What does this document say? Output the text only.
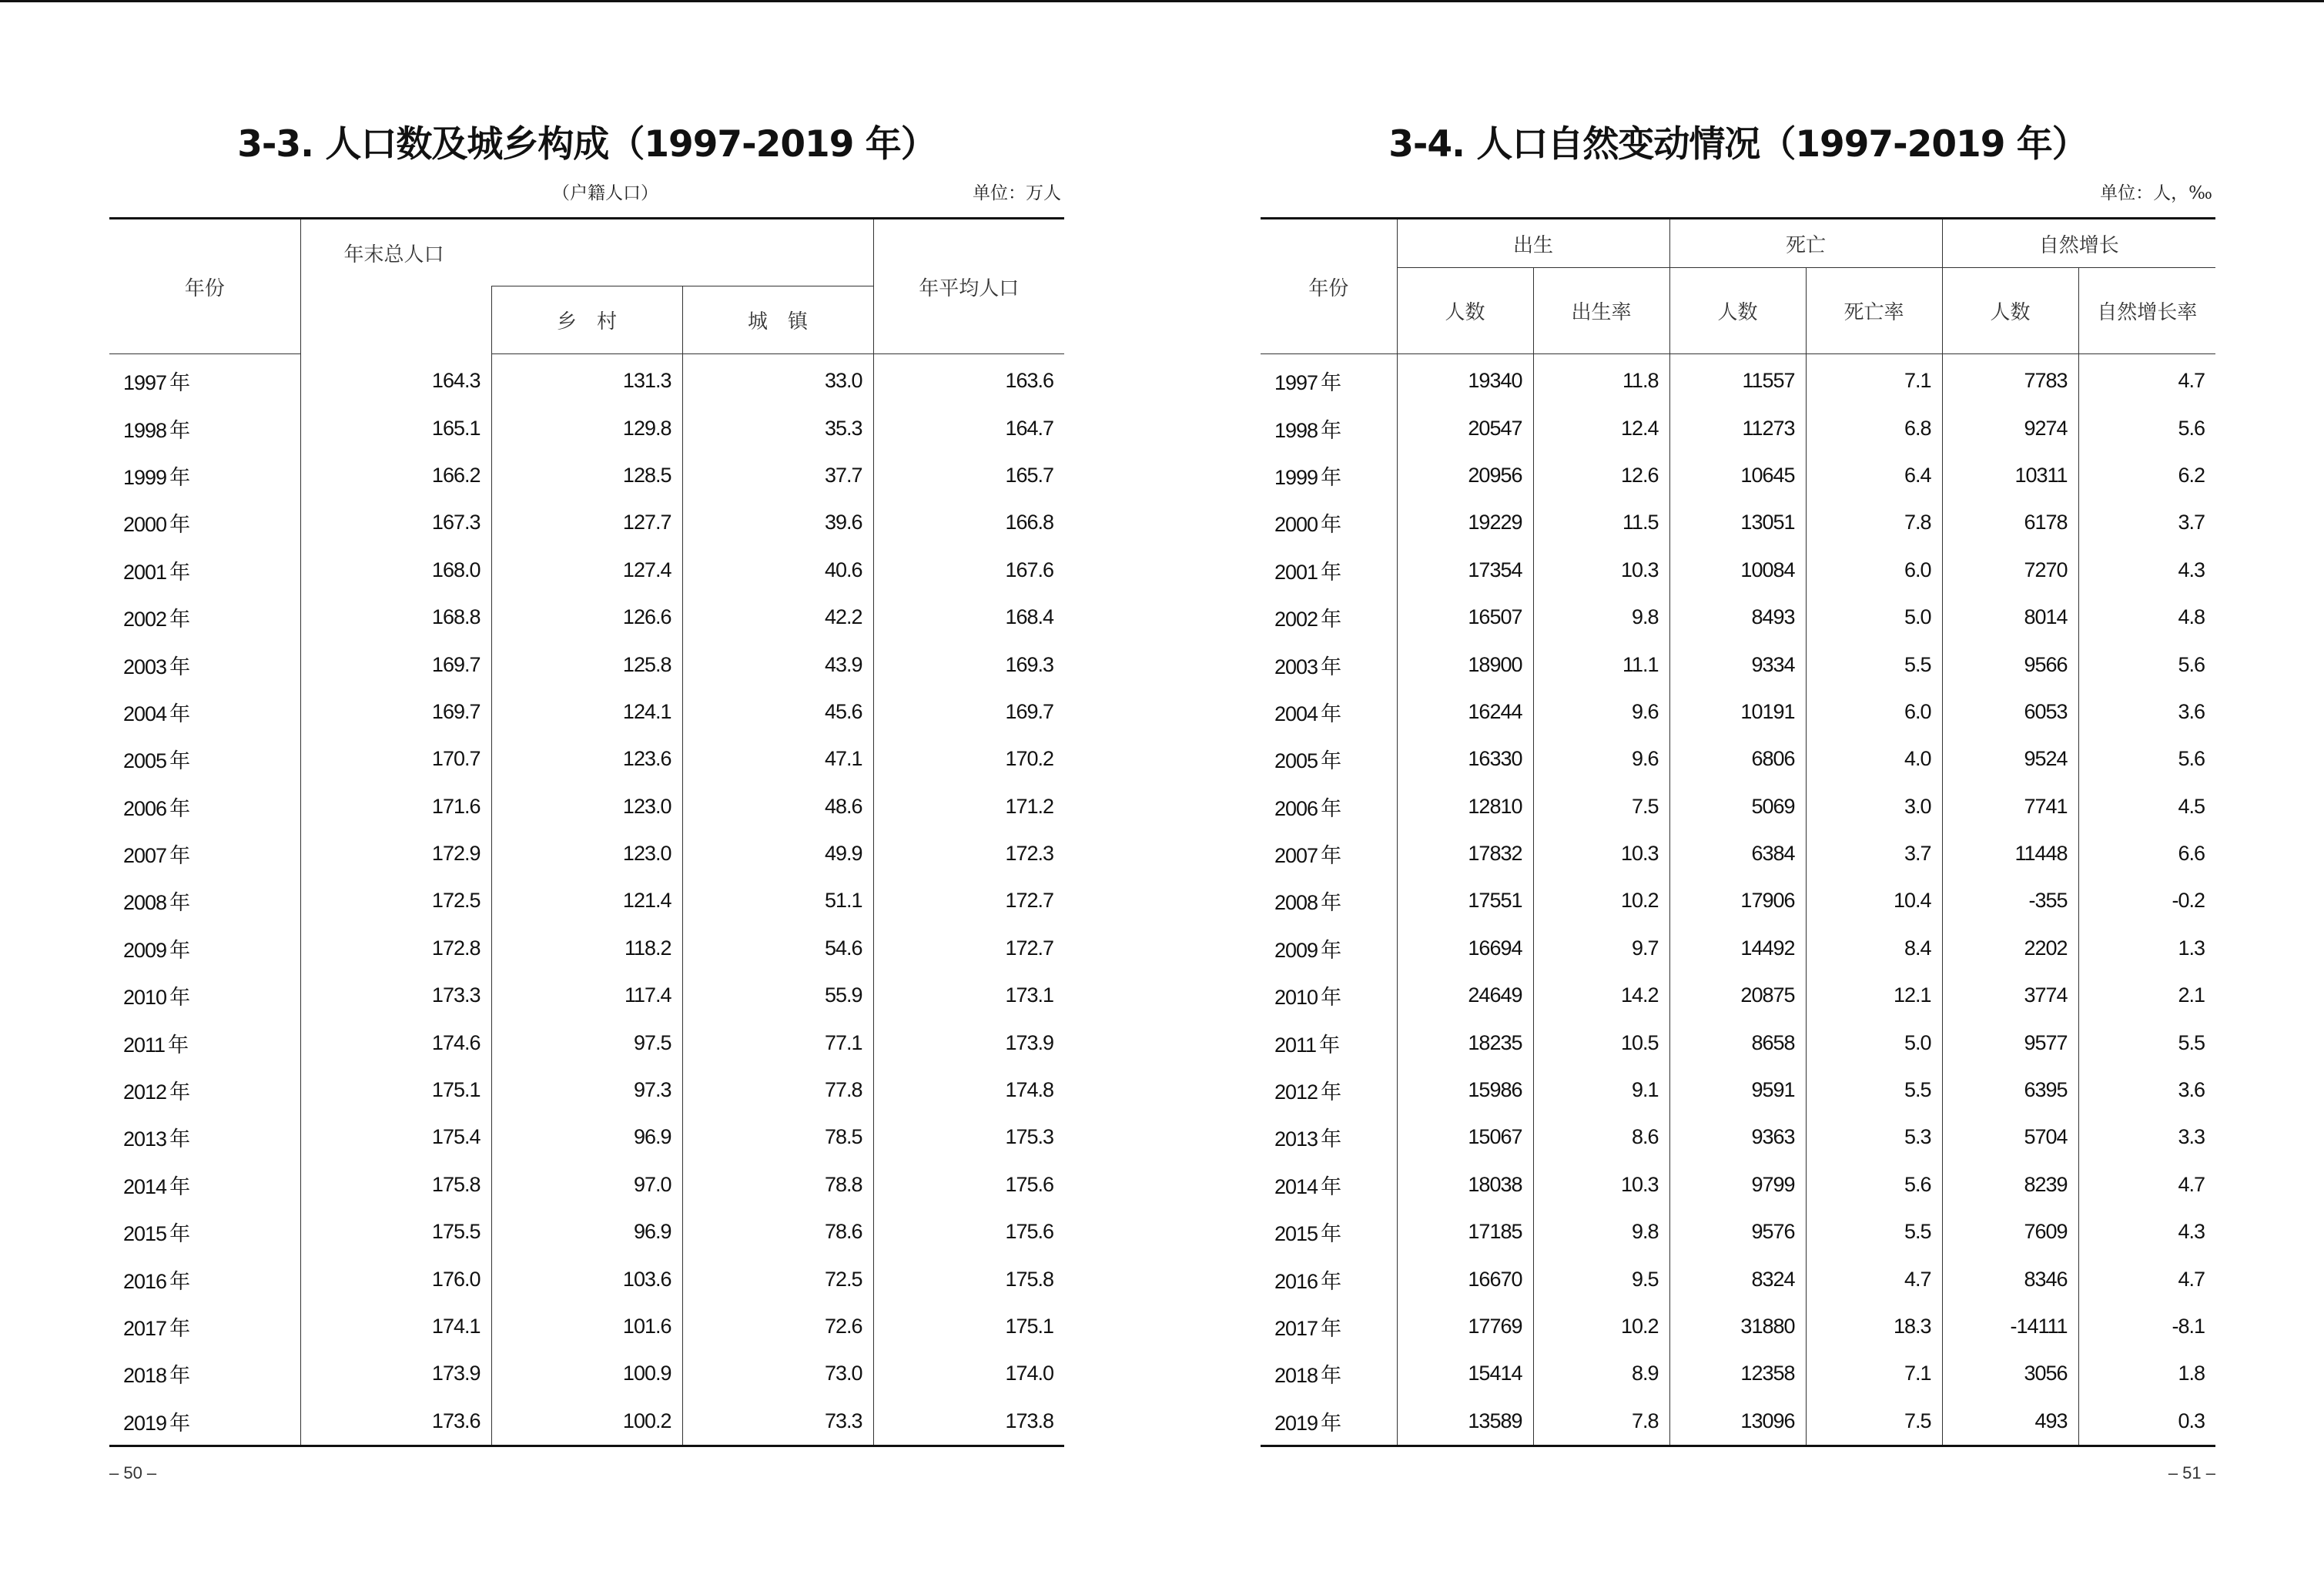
3-3. 人口数及城乡构成（1997-2019 年）
（户籍人口）	单位：万人
年份	年末总人口			年平均人口
		乡　村	城　镇	
1997 年	164.3	131.3	33.0	163.6
1998 年	165.1	129.8	35.3	164.7
1999 年	166.2	128.5	37.7	165.7
2000 年	167.3	127.7	39.6	166.8
2001 年	168.0	127.4	40.6	167.6
2002 年	168.8	126.6	42.2	168.4
2003 年	169.7	125.8	43.9	169.3
2004 年	169.7	124.1	45.6	169.7
2005 年	170.7	123.6	47.1	170.2
2006 年	171.6	123.0	48.6	171.2
2007 年	172.9	123.0	49.9	172.3
2008 年	172.5	121.4	51.1	172.7
2009 年	172.8	118.2	54.6	172.7
2010 年	173.3	117.4	55.9	173.1
2011 年	174.6	97.5	77.1	173.9
2012 年	175.1	97.3	77.8	174.8
2013 年	175.4	96.9	78.5	175.3
2014 年	175.8	97.0	78.8	175.6
2015 年	175.5	96.9	78.6	175.6
2016 年	176.0	103.6	72.5	175.8
2017 年	174.1	101.6	72.6	175.1
2018 年	173.9	100.9	73.0	174.0
2019 年	173.6	100.2	73.3	173.8
– 50 –
3-4. 人口自然变动情况（1997-2019 年）
单位：人，‰
年份	出生		死亡		自然增长	
	人数	出生率	人数	死亡率	人数	自然增长率
1997 年	19340	11.8	11557	7.1	7783	4.7
1998 年	20547	12.4	11273	6.8	9274	5.6
1999 年	20956	12.6	10645	6.4	10311	6.2
2000 年	19229	11.5	13051	7.8	6178	3.7
2001 年	17354	10.3	10084	6.0	7270	4.3
2002 年	16507	9.8	8493	5.0	8014	4.8
2003 年	18900	11.1	9334	5.5	9566	5.6
2004 年	16244	9.6	10191	6.0	6053	3.6
2005 年	16330	9.6	6806	4.0	9524	5.6
2006 年	12810	7.5	5069	3.0	7741	4.5
2007 年	17832	10.3	6384	3.7	11448	6.6
2008 年	17551	10.2	17906	10.4	-355	-0.2
2009 年	16694	9.7	14492	8.4	2202	1.3
2010 年	24649	14.2	20875	12.1	3774	2.1
2011 年	18235	10.5	8658	5.0	9577	5.5
2012 年	15986	9.1	9591	5.5	6395	3.6
2013 年	15067	8.6	9363	5.3	5704	3.3
2014 年	18038	10.3	9799	5.6	8239	4.7
2015 年	17185	9.8	9576	5.5	7609	4.3
2016 年	16670	9.5	8324	4.7	8346	4.7
2017 年	17769	10.2	31880	18.3	-14111	-8.1
2018 年	15414	8.9	12358	7.1	3056	1.8
2019 年	13589	7.8	13096	7.5	493	0.3
– 51 –
